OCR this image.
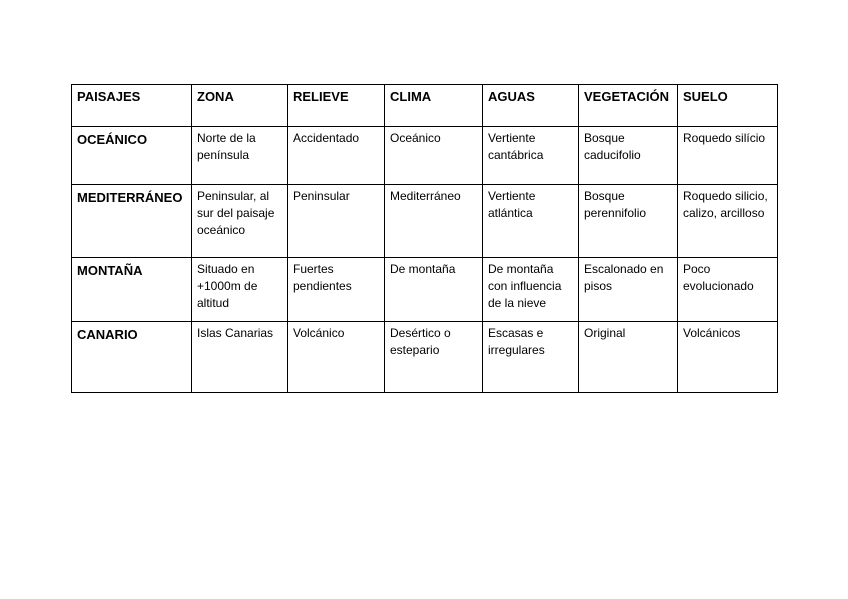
PAISAJES	ZONA	RELIEVE	CLIMA	AGUAS	VEGETACIÓN	SUELO
OCEÁNICO	Norte de la península	Accidentado	Oceánico	Vertiente cantábrica	Bosque caducifolio	Roquedo silício
MEDITERRÁNEO	Peninsular, al sur del paisaje oceánico	Peninsular	Mediterráneo	Vertiente atlántica	Bosque perennifolio	Roquedo silicio, calizo, arcilloso
MONTAÑA	Situado en +1000m de altitud	Fuertes pendientes	De montaña	De montaña con influencia de la nieve	Escalonado en pisos	Poco evolucionado
CANARIO	Islas Canarias	Volcánico	Desértico o estepario	Escasas e irregulares	Original	Volcánicos
